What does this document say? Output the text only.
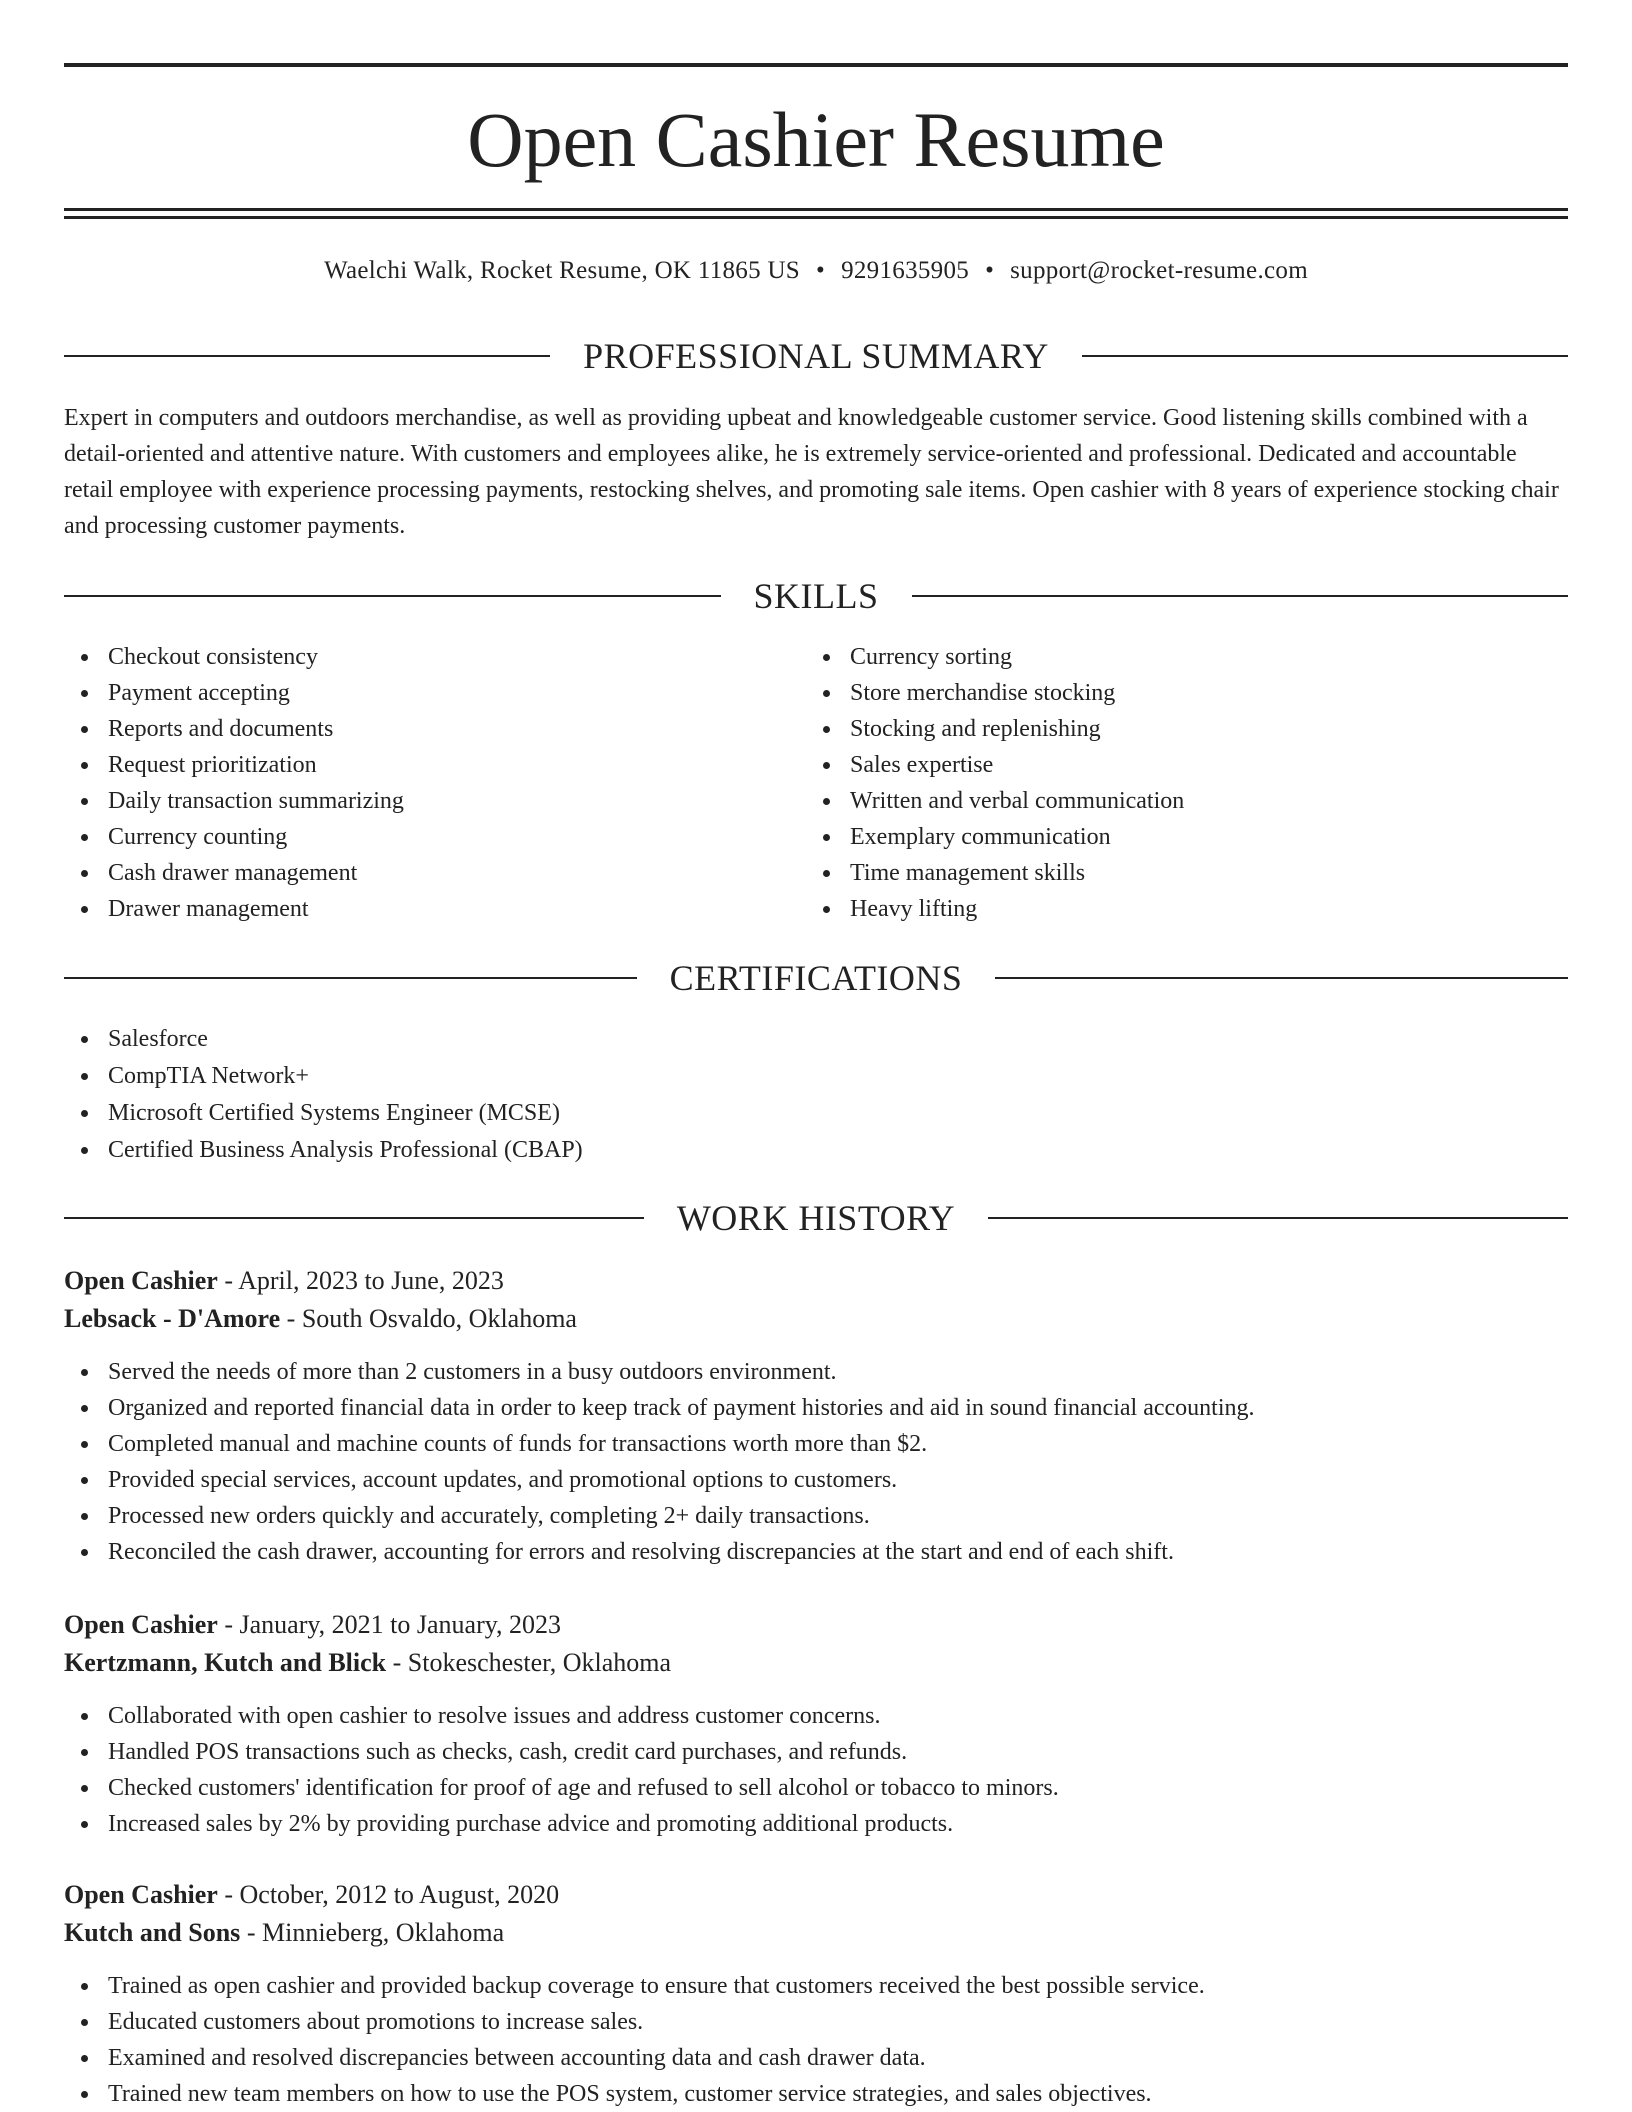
Open Cashier Resume
Waelchi Walk, Rocket Resume, OK 11865 US • 9291635905 • support@rocket-resume.com
PROFESSIONAL SUMMARY

Expert in computers and outdoors merchandise, as well as providing upbeat and knowledgeable customer service. Good listening skills combined with a detail-oriented and attentive nature. With customers and employees alike, he is extremely service-oriented and professional. Dedicated and accountable retail employee with experience processing payments, restocking shelves, and promoting sale items. Open cashier with 8 years of experience stocking chair and processing customer payments.

SKILLS
Checkout consistency
Payment accepting
Reports and documents
Request prioritization
Daily transaction summarizing
Currency counting
Cash drawer management
Drawer management
Currency sorting
Store merchandise stocking
Stocking and replenishing
Sales expertise
Written and verbal communication
Exemplary communication
Time management skills
Heavy lifting
CERTIFICATIONS
Salesforce
CompTIA Network+
Microsoft Certified Systems Engineer (MCSE)
Certified Business Analysis Professional (CBAP)
WORK HISTORY
Open Cashier - April, 2023 to June, 2023
Lebsack - D'Amore - South Osvaldo, Oklahoma
Served the needs of more than 2 customers in a busy outdoors environment.
Organized and reported financial data in order to keep track of payment histories and aid in sound financial accounting.
Completed manual and machine counts of funds for transactions worth more than $2.
Provided special services, account updates, and promotional options to customers.
Processed new orders quickly and accurately, completing 2+ daily transactions.
Reconciled the cash drawer, accounting for errors and resolving discrepancies at the start and end of each shift.
Open Cashier - January, 2021 to January, 2023
Kertzmann, Kutch and Blick - Stokeschester, Oklahoma
Collaborated with open cashier to resolve issues and address customer concerns.
Handled POS transactions such as checks, cash, credit card purchases, and refunds.
Checked customers' identification for proof of age and refused to sell alcohol or tobacco to minors.
Increased sales by 2% by providing purchase advice and promoting additional products.
Open Cashier - October, 2012 to August, 2020
Kutch and Sons - Minnieberg, Oklahoma
Trained as open cashier and provided backup coverage to ensure that customers received the best possible service.
Educated customers about promotions to increase sales.
Examined and resolved discrepancies between accounting data and cash drawer data.
Trained new team members on how to use the POS system, customer service strategies, and sales objectives.
